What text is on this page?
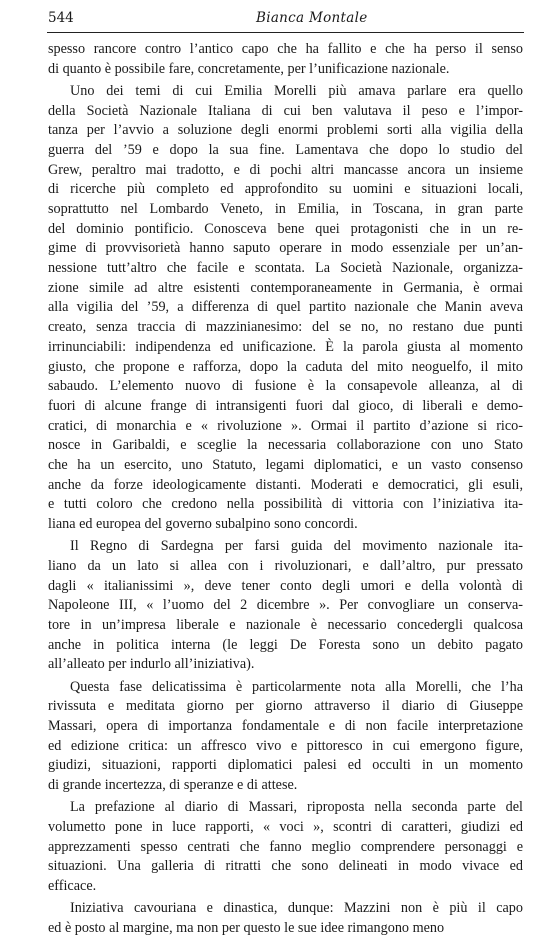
544	Bianca Montale
spesso rancore contro l’antico capo che ha fallito e che ha perso il senso
di quanto è possibile fare, concretamente, per l’unificazione nazionale.
Uno dei temi di cui Emilia Morelli più amava parlare era quello
della Società Nazionale Italiana di cui ben valutava il peso e l’impor-
tanza per l’avvio a soluzione degli enormi problemi sorti alla vigilia della
guerra del ’59 e dopo la sua fine. Lamentava che dopo lo studio del
Grew, peraltro mai tradotto, e di pochi altri mancasse ancora un insieme
di ricerche più completo ed approfondito su uomini e situazioni locali,
soprattutto nel Lombardo Veneto, in Emilia, in Toscana, in gran parte
del dominio pontificio. Conosceva bene quei protagonisti che in un re-
gime di provvisorietà hanno saputo operare in modo essenziale per un’an-
nessione tutt’altro che facile e scontata. La Società Nazionale, organizza-
zione simile ad altre esistenti contemporaneamente in Germania, è ormai
alla vigilia del ’59, a differenza di quel partito nazionale che Manin aveva
creato, senza traccia di mazzinianesimo: del se no, no restano due punti
irrinunciabili: indipendenza ed unificazione. È la parola giusta al momento
giusto, che propone e rafforza, dopo la caduta del mito neoguelfo, il mito
sabaudo. L’elemento nuovo di fusione è la consapevole alleanza, al di
fuori di alcune frange di intransigenti fuori dal gioco, di liberali e demo-
cratici, di monarchia e « rivoluzione ». Ormai il partito d’azione si rico-
nosce in Garibaldi, e sceglie la necessaria collaborazione con uno Stato
che ha un esercito, uno Statuto, legami diplomatici, e un vasto consenso
anche da forze ideologicamente distanti. Moderati e democratici, gli esuli,
e tutti coloro che credono nella possibilità di vittoria con l’iniziativa ita-
liana ed europea del governo subalpino sono concordi.
Il Regno di Sardegna per farsi guida del movimento nazionale ita-
liano da un lato si allea con i rivoluzionari, e dall’altro, pur pressato
dagli « italianissimi », deve tener conto degli umori e della volontà di
Napoleone III, « l’uomo del 2 dicembre ». Per convogliare un conserva-
tore in un’impresa liberale e nazionale è necessario concedergli qualcosa
anche in politica interna (le leggi De Foresta sono un debito pagato
all’alleato per indurlo all’iniziativa).
Questa fase delicatissima è particolarmente nota alla Morelli, che l’ha
rivissuta e meditata giorno per giorno attraverso il diario di Giuseppe
Massari, opera di importanza fondamentale e di non facile interpretazione
ed edizione critica: un affresco vivo e pittoresco in cui emergono figure,
giudizi, situazioni, rapporti diplomatici palesi ed occulti in un momento
di grande incertezza, di speranze e di attese.
La prefazione al diario di Massari, riproposta nella seconda parte del
volumetto pone in luce rapporti, « voci », scontri di caratteri, giudizi ed
apprezzamenti spesso centrati che fanno meglio comprendere personaggi e
situazioni. Una galleria di ritratti che sono delineati in modo vivace ed
efficace.
Iniziativa cavouriana e dinastica, dunque: Mazzini non è più il capo
ed è posto al margine, ma non per questo le sue idee rimangono meno
